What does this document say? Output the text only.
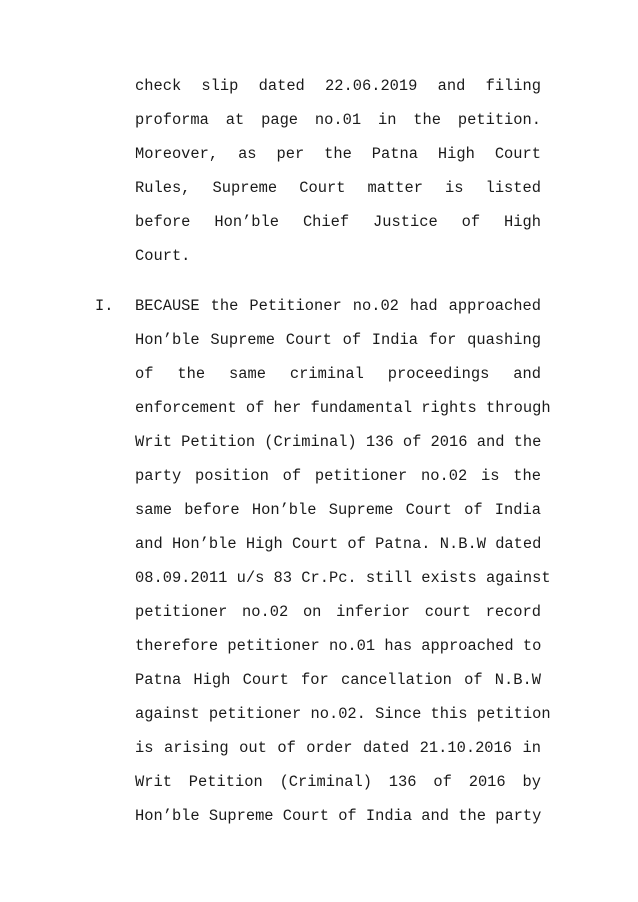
check slip dated 22.06.2019 and filing
proforma at page no.01 in the petition.
Moreover, as per the Patna High Court
Rules, Supreme Court matter is listed
before Hon’ble Chief Justice of High
Court.
I. BECAUSE the Petitioner no.02 had approached
Hon’ble Supreme Court of India for quashing
of the same criminal proceedings and
enforcement of her fundamental rights through
Writ Petition (Criminal) 136 of 2016 and the
party position of petitioner no.02 is the
same before Hon’ble Supreme Court of India
and Hon’ble High Court of Patna. N.B.W dated
08.09.2011 u/s 83 Cr.Pc. still exists against
petitioner no.02 on inferior court record
therefore petitioner no.01 has approached to
Patna High Court for cancellation of N.B.W
against petitioner no.02. Since this petition
is arising out of order dated 21.10.2016 in
Writ Petition (Criminal) 136 of 2016 by
Hon’ble Supreme Court of India and the party
